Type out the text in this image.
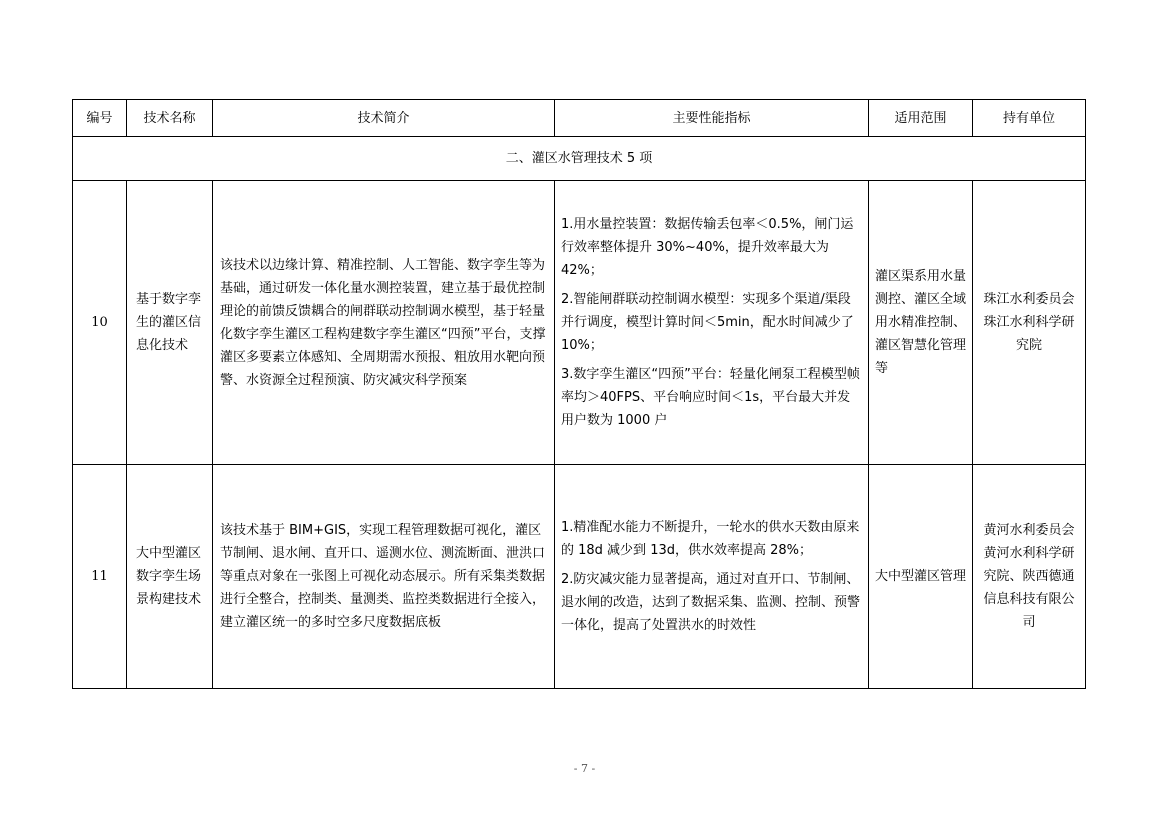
编号	技术名称	技术简介	主要性能指标	适用范围	持有单位
二、灌区水管理技术 5 项					
10	基于数字孪生的灌区信息化技术	该技术以边缘计算、精准控制、人工智能、数字孪生等为基础，通过研发一体化量水测控装置，建立基于最优控制理论的前馈反馈耦合的闸群联动控制调水模型，基于轻量化数字孪生灌区工程构建数字孪生灌区“四预”平台，支撑灌区多要素立体感知、全周期需水预报、粗放用水靶向预警、水资源全过程预演、防灾减灾科学预案	1.用水量控装置：数据传输丢包率＜0.5%，闸门运行效率整体提升 30%~40%，提升效率最大为 42%；

2.智能闸群联动控制调水模型：实现多个渠道/渠段并行调度，模型计算时间＜5min，配水时间减少了 10%；

3.数字孪生灌区“四预”平台：轻量化闸泵工程模型帧率均＞40FPS、平台响应时间＜1s，平台最大并发用户数为 1000 户	灌区渠系用水量测控、灌区全域用水精准控制、灌区智慧化管理等	珠江水利委员会珠江水利科学研究院
11	大中型灌区数字孪生场景构建技术	该技术基于 BIM+GIS，实现工程管理数据可视化，灌区节制闸、退水闸、直开口、遥测水位、测流断面、泄洪口等重点对象在一张图上可视化动态展示。所有采集类数据进行全整合，控制类、量测类、监控类数据进行全接入，建立灌区统一的多时空多尺度数据底板	1.精准配水能力不断提升，一轮水的供水天数由原来的 18d 减少到 13d，供水效率提高 28%；

2.防灾减灾能力显著提高，通过对直开口、节制闸、退水闸的改造，达到了数据采集、监测、控制、预警一体化，提高了处置洪水的时效性	大中型灌区管理	黄河水利委员会黄河水利科学研究院、陕西德通信息科技有限公司
- 7 -
